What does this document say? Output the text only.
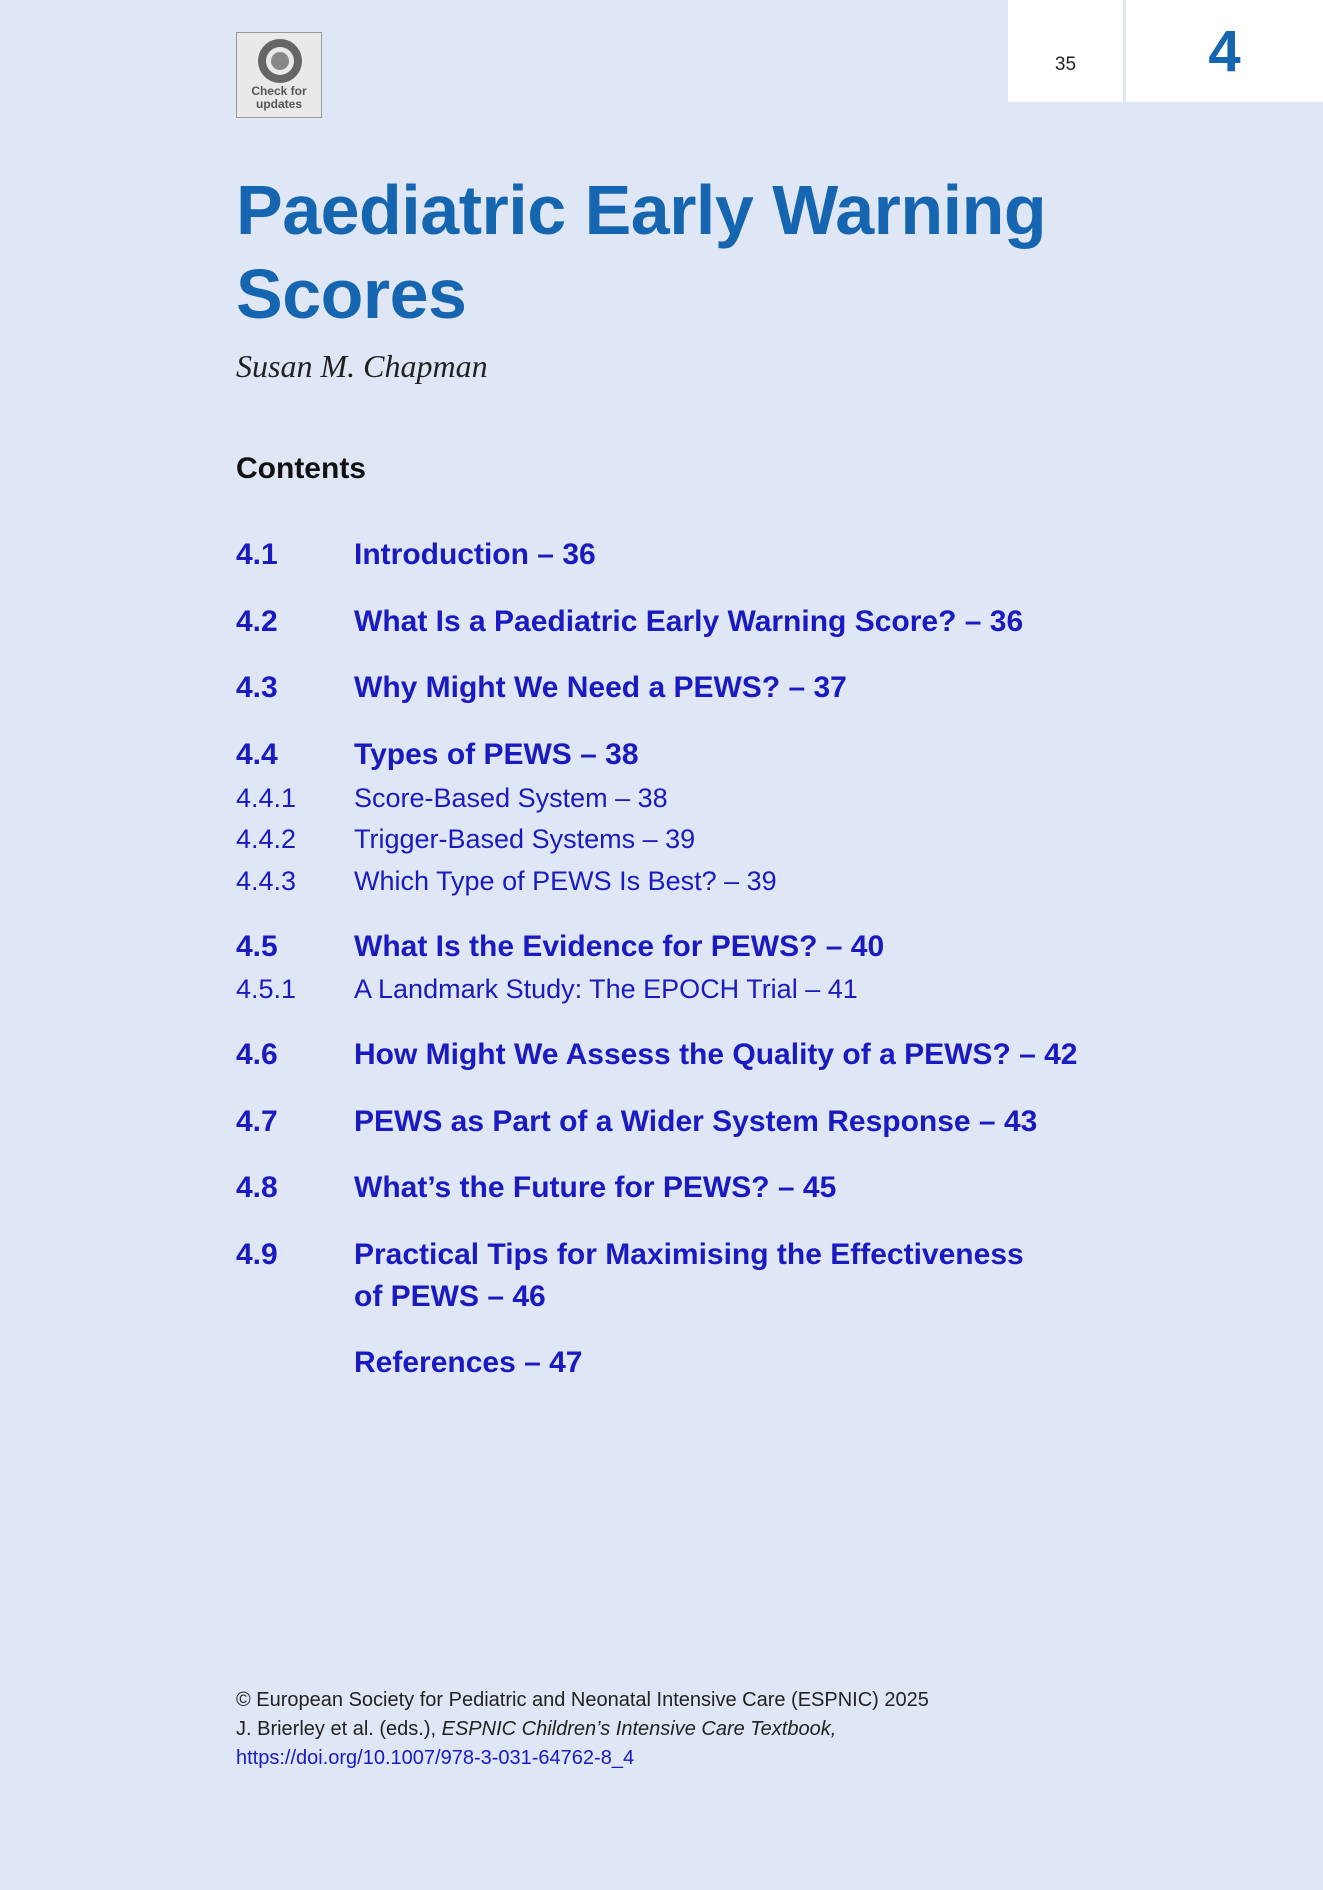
35	4
Check for
updates
Paediatric Early Warning
Scores

Susan M. Chapman

Contents
4.1	Introduction – 36
4.2	What Is a Paediatric Early Warning Score? – 36
4.3	Why Might We Need a PEWS? – 37
4.4	Types of PEWS – 38
4.4.1 Score-Based System – 38
4.4.2 Trigger-Based Systems – 39
4.4.3 Which Type of PEWS Is Best? – 39
4.5	What Is the Evidence for PEWS? – 40
4.5.1 A Landmark Study: The EPOCH Trial – 41
4.6	How Might We Assess the Quality of a PEWS? – 42
4.7	PEWS as Part of a Wider System Response – 43
4.8	What’s the Future for PEWS? – 45
4.9	Practical Tips for Maximising the Effectiveness
of PEWS – 46
References – 47
© European Society for Pediatric and Neonatal Intensive Care (ESPNIC) 2025
J. Brierley et al. (eds.), ESPNIC Children’s Intensive Care Textbook,
https://doi.org/10.1007/978-3-031-64762-8_4
